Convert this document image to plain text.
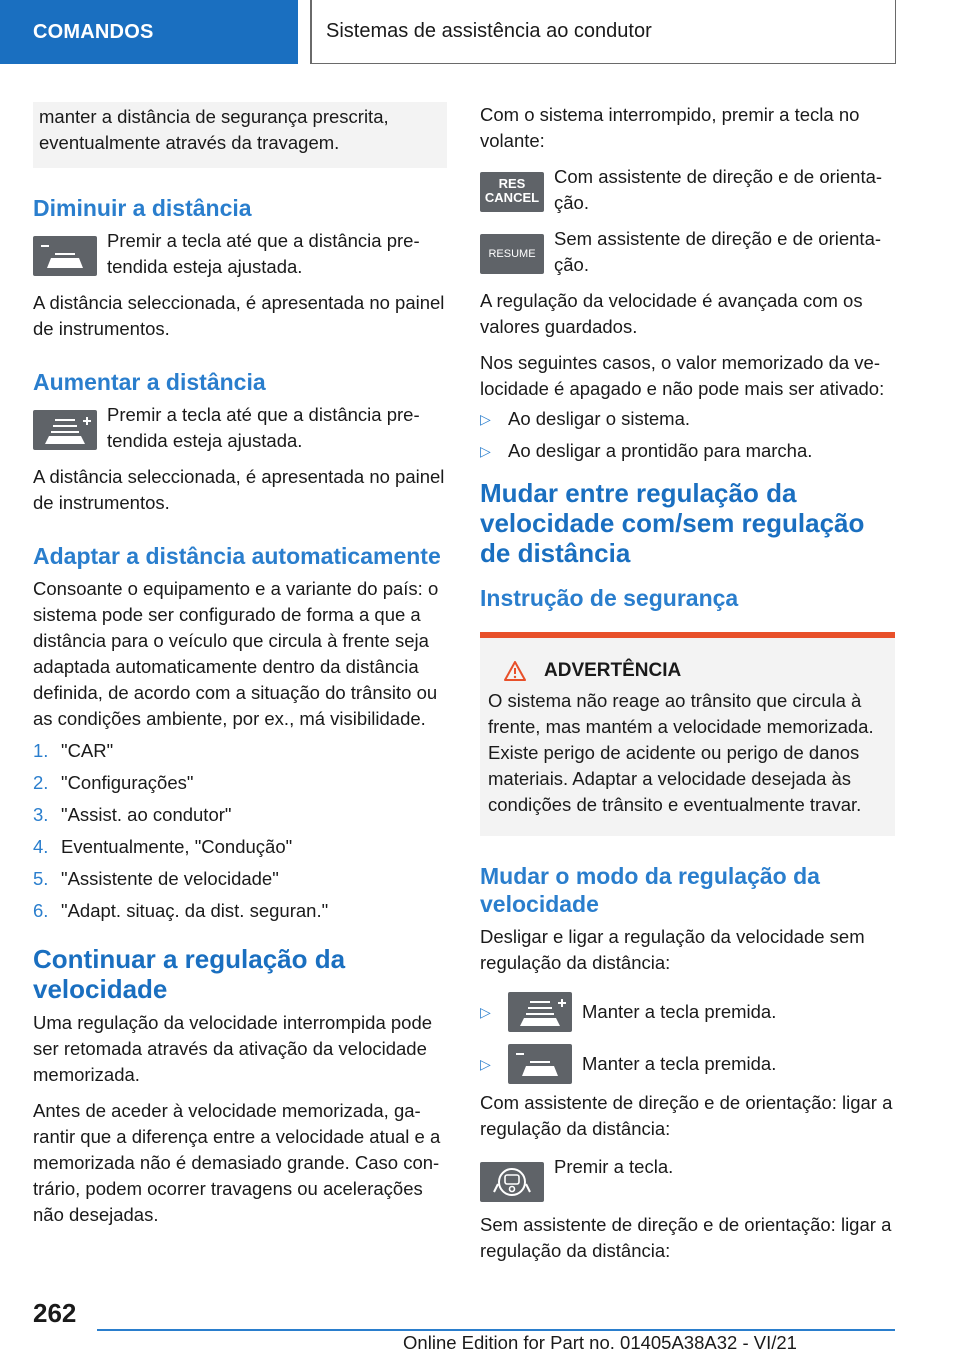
COMANDOS	Sistemas de assistência ao condutor

manter a distância de segurança prescrita, eventualmente através da travagem.

Diminuir a distância

Premir a tecla até que a distância pretendida esteja ajustada.

A distância seleccionada, é apresentada no painel de instrumentos.

Aumentar a distância

Premir a tecla até que a distância pretendida esteja ajustada.

A distância seleccionada, é apresentada no painel de instrumentos.

Adaptar a distância automaticamente

Consoante o equipamento e a variante do país: o sistema pode ser configurado de forma a que a distância para o veículo que circula à frente seja adaptada automaticamente dentro da distância definida, de acordo com a situação do trânsito ou as condições ambiente, por ex., má visibilidade.

1. "CAR"
2. "Configurações"
3. "Assist. ao condutor"
4. Eventualmente, "Condução"
5. "Assistente de velocidade"
6. "Adapt. situaç. da dist. seguran."
Continuar a regulação da velocidade

Uma regulação da velocidade interrompida pode ser retomada através da ativação da velocidade memorizada.

Antes de aceder à velocidade memorizada, garantir que a diferença entre a velocidade atual e a memorizada não é demasiado grande. Caso contrário, podem ocorrer travagens ou acelerações não desejadas.

Com o sistema interrompido, premir a tecla no volante:

RES
CANCEL

Com assistente de direção e de orientação.

RESUME

Sem assistente de direção e de orientação.

A regulação da velocidade é avançada com os valores guardados.

Nos seguintes casos, o valor memorizado da velocidade é apagado e não pode mais ser ativado:

▷ Ao desligar o sistema.
▷ Ao desligar a prontidão para marcha.
Mudar entre regulação da velocidade com/sem regulação de distância
Instrução de segurança
ADVERTÊNCIA

O sistema não reage ao trânsito que circula à frente, mas mantém a velocidade memorizada. Existe perigo de acidente ou perigo de danos materiais. Adaptar a velocidade desejada às condições de trânsito e eventualmente travar.

Mudar o modo da regulação da velocidade

Desligar e ligar a regulação da velocidade sem regulação da distância:

▷	Manter a tecla premida.
▷	Manter a tecla premida.

Com assistente de direção e de orientação: ligar a regulação da distância:

Premir a tecla.

Sem assistente de direção e de orientação: ligar a regulação da distância:

262
Online Edition for Part no. 01405A38A32 - VI/21
